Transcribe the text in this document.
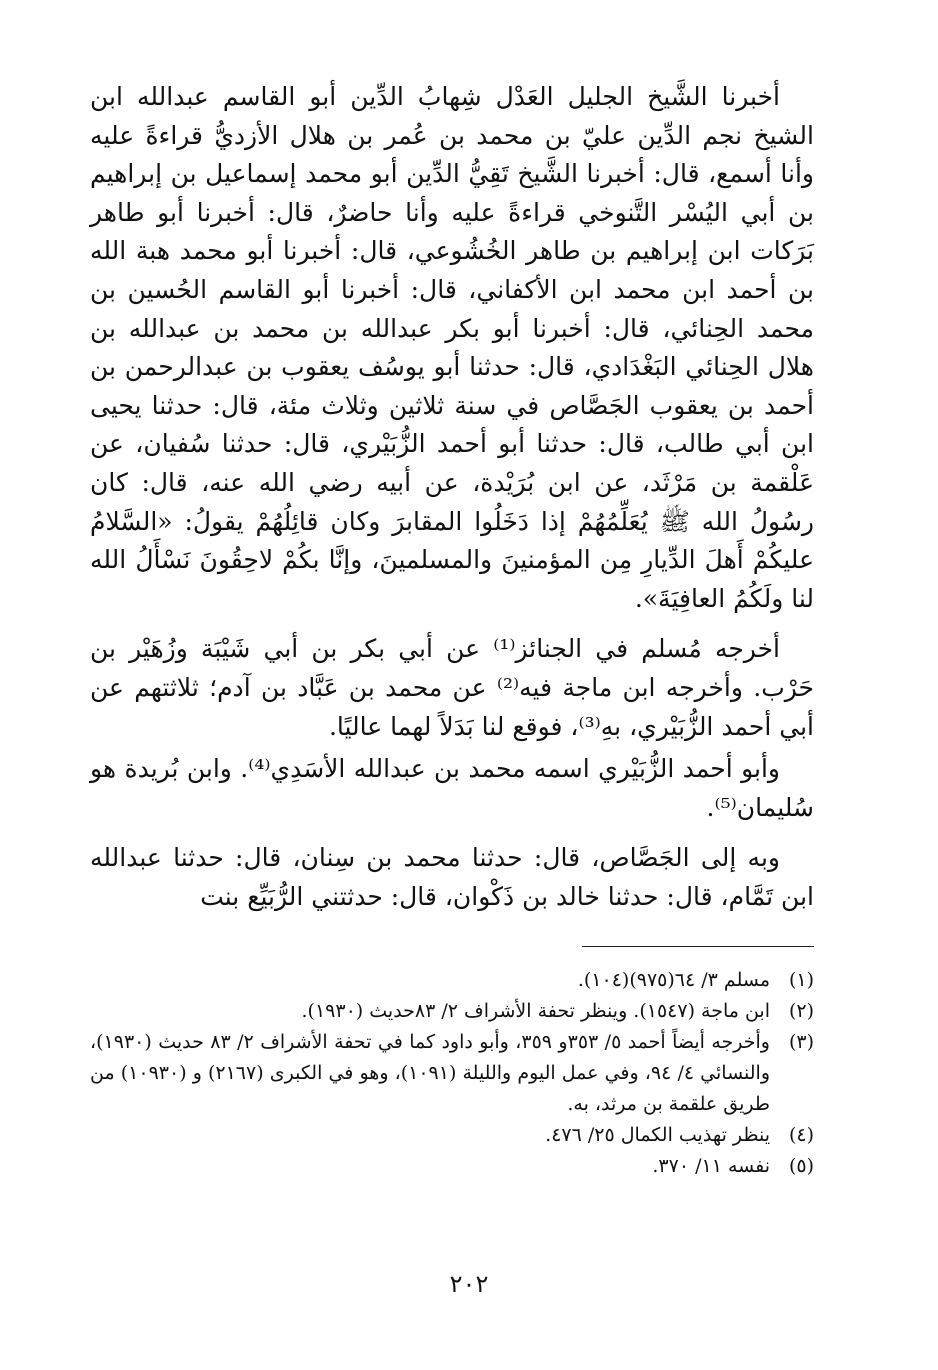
أخبرنا الشَّيخ الجليل العَدْل شِهابُ الدِّين أبو القاسم عبدالله ابن الشيخ نجم الدِّين عليّ بن محمد بن عُمر بن هلال الأزديُّ قراءةً عليه وأنا أسمع، قال: أخبرنا الشَّيخ تَقِيُّ الدِّين أبو محمد إسماعيل بن إبراهيم بن أبي اليُسْر التَّنوخي قراءةً عليه وأنا حاضرٌ، قال: أخبرنا أبو طاهر بَرَكات ابن إبراهيم بن طاهر الخُشُوعي، قال: أخبرنا أبو محمد هبة الله بن أحمد ابن محمد ابن الأكفاني، قال: أخبرنا أبو القاسم الحُسين بن محمد الحِنائي، قال: أخبرنا أبو بكر عبدالله بن محمد بن عبدالله بن هلال الحِنائي البَغْدَادي، قال: حدثنا أبو يوسُف يعقوب بن عبدالرحمن بن أحمد بن يعقوب الجَصَّاص في سنة ثلاثين وثلاث مئة، قال: حدثنا يحيى ابن أبي طالب، قال: حدثنا أبو أحمد الزُّبَيْري، قال: حدثنا سُفيان، عن عَلْقمة بن مَرْثَد، عن ابن بُرَيْدة، عن أبيه رضي الله عنه، قال: كان رسُولُ الله ﷺ يُعَلِّمُهُمْ إذا دَخَلُوا المقابرَ وكان قائِلُهُمْ يقولُ: «السَّلامُ عليكُمْ أَهلَ الدِّيارِ مِن المؤمنينَ والمسلمينَ، وإنَّا بكُمْ لاحِقُونَ نَسْأَلُ الله لنا ولَكُمُ العافِيَةَ».

أخرجه مُسلم في الجنائز⁽¹⁾ عن أبي بكر بن أبي شَيْبَة وزُهَيْر بن حَرْب. وأخرجه ابن ماجة فيه⁽²⁾ عن محمد بن عَبَّاد بن آدم؛ ثلاثتهم عن أبي أحمد الزُّبَيْري، بهِ⁽³⁾، فوقع لنا بَدَلاً لهما عاليًا.

وأبو أحمد الزُّبَيْري اسمه محمد بن عبدالله الأسَدِي⁽⁴⁾. وابن بُريدة هو سُليمان⁽⁵⁾.

وبه إلى الجَصَّاص، قال: حدثنا محمد بن سِنان، قال: حدثنا عبدالله ابن تَمَّام، قال: حدثنا خالد بن ذَكْوان، قال: حدثتني الرُّبَيِّع بنت

(١)
مسلم ٣/ ٦٤(٩٧٥)(١٠٤).
(٢)
ابن ماجة (١٥٤٧). وينظر تحفة الأشراف ٢/ ٨٣حديث (١٩٣٠).
(٣)
وأخرجه أيضاً أحمد ٥/ ٣٥٣و ٣٥٩، وأبو داود كما في تحفة الأشراف ٢/ ٨٣ حديث (١٩٣٠)، والنسائي ٤/ ٩٤، وفي عمل اليوم والليلة (١٠٩١)، وهو في الكبرى (٢١٦٧) و (١٠٩٣٠) من طريق علقمة بن مرثد، به.
(٤)
ينظر تهذيب الكمال ٢٥/ ٤٧٦.
(٥)
نفسه ١١/ ٣٧٠.
٢٠٢
